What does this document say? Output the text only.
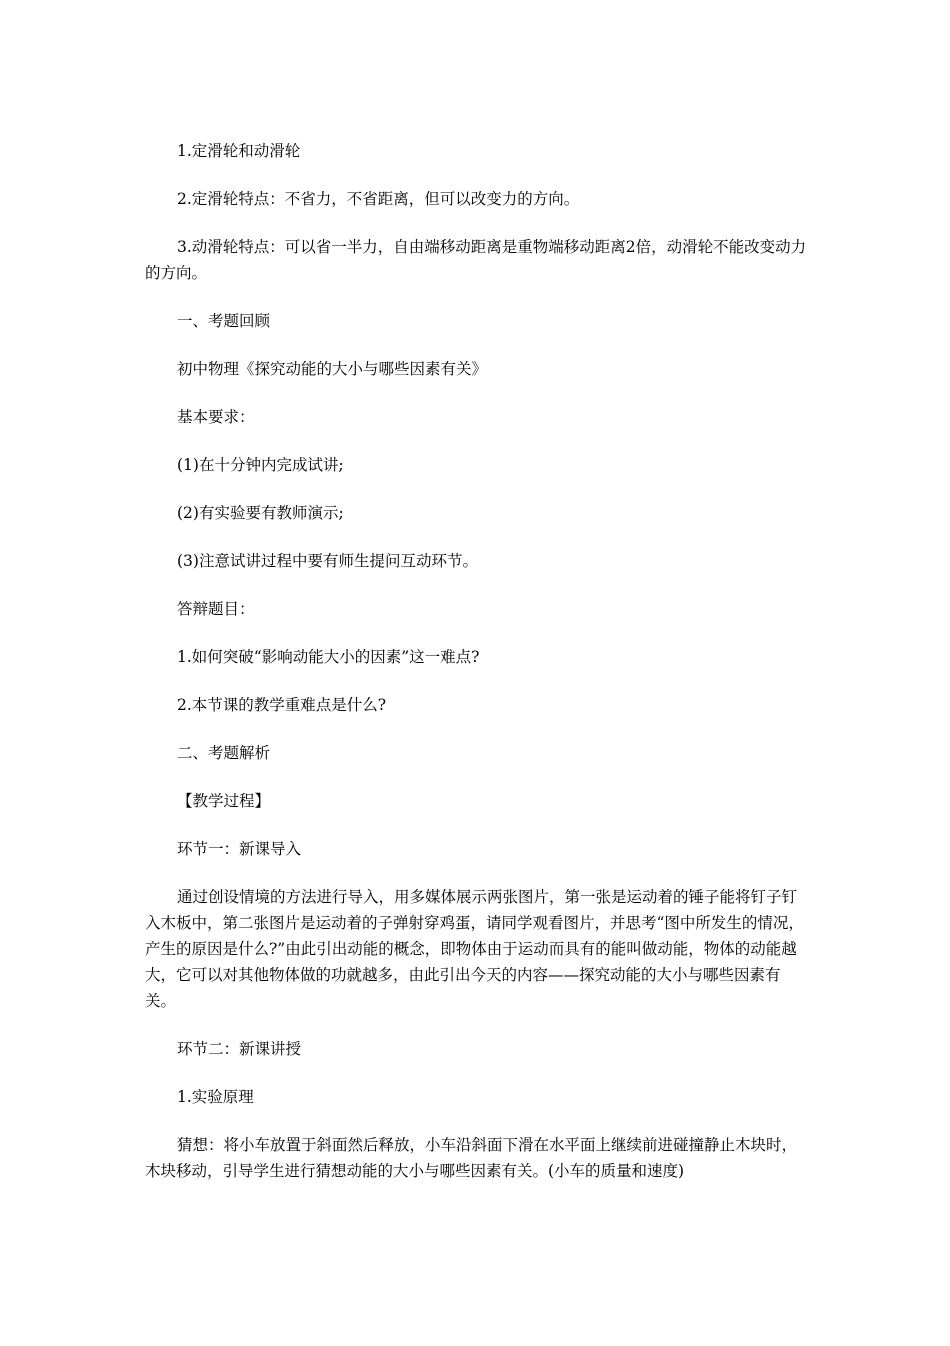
1.定滑轮和动滑轮

2.定滑轮特点：不省力，不省距离，但可以改变力的方向。

3.动滑轮特点：可以省一半力，自由端移动距离是重物端移动距离2倍，动滑轮不能改变动力的方向。

一、考题回顾

初中物理《探究动能的大小与哪些因素有关》

基本要求：

(1)在十分钟内完成试讲;

(2)有实验要有教师演示;

(3)注意试讲过程中要有师生提问互动环节。

答辩题目：

1.如何突破“影响动能大小的因素”这一难点?

2.本节课的教学重难点是什么?

二、考题解析

【教学过程】

环节一：新课导入

通过创设情境的方法进行导入，用多媒体展示两张图片，第一张是运动着的锤子能将钉子钉入木板中，第二张图片是运动着的子弹射穿鸡蛋，请同学观看图片，并思考“图中所发生的情况，产生的原因是什么?”由此引出动能的概念，即物体由于运动而具有的能叫做动能，物体的动能越大，它可以对其他物体做的功就越多，由此引出今天的内容——探究动能的大小与哪些因素有关。

环节二：新课讲授

1.实验原理

猜想：将小车放置于斜面然后释放，小车沿斜面下滑在水平面上继续前进碰撞静止木块时，木块移动，引导学生进行猜想动能的大小与哪些因素有关。(小车的质量和速度)
